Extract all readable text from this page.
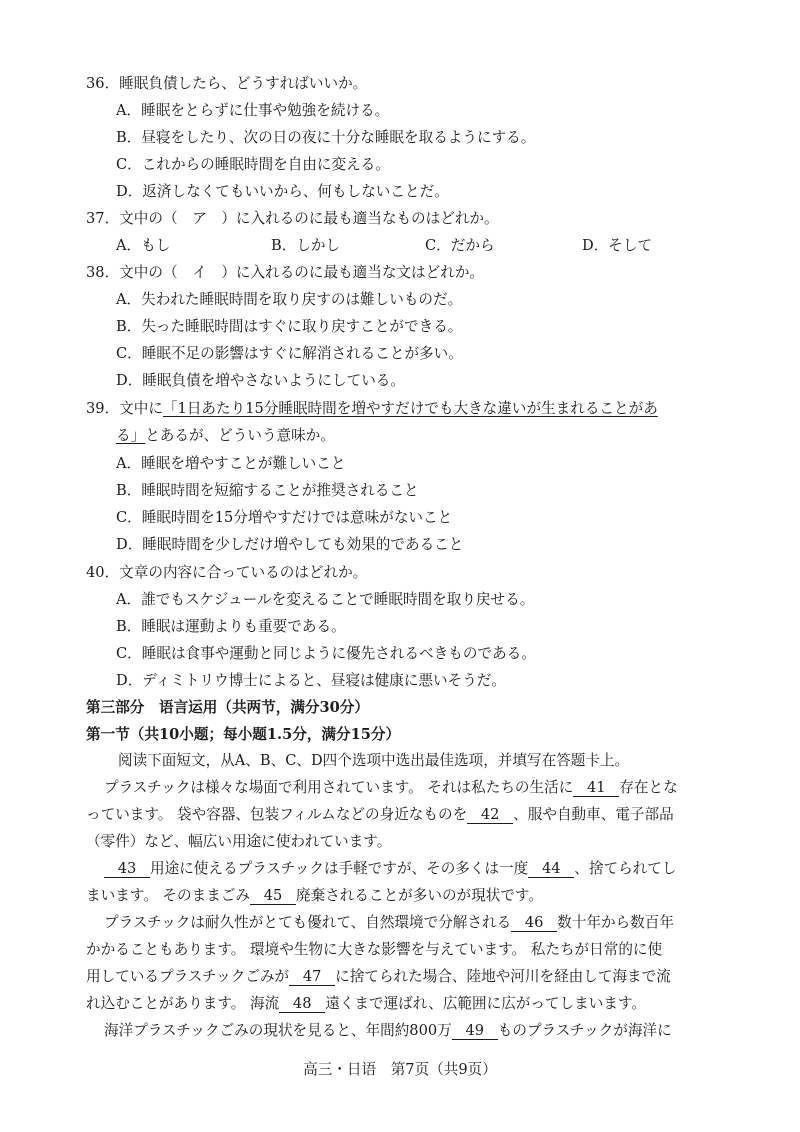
36．睡眠負債したら、どうすればいいか。
A．睡眠をとらずに仕事や勉強を続ける。
B．昼寝をしたり、次の日の夜に十分な睡眠を取るようにする。
C．これからの睡眠時間を自由に変える。
D．返済しなくてもいいから、何もしないことだ。
37．文中の（　ア　）に入れるのに最も適当なものはどれか。
A．もし	B．しかし	C．だから	D．そして
38．文中の（　イ　）に入れるのに最も適当な文はどれか。
A．失われた睡眠時間を取り戻すのは難しいものだ。
B．失った睡眠時間はすぐに取り戻すことができる。
C．睡眠不足の影響はすぐに解消されることが多い。
D．睡眠負債を増やさないようにしている。
39．文中に「1日あたり15分睡眠時間を増やすだけでも大きな違いが生まれることがあ
る」とあるが、どういう意味か。
A．睡眠を増やすことが難しいこと
B．睡眠時間を短縮することが推奨されること
C．睡眠時間を15分増やすだけでは意味がないこと
D．睡眠時間を少しだけ増やしても効果的であること
40．文章の内容に合っているのはどれか。
A．誰でもスケジュールを変えることで睡眠時間を取り戻せる。
B．睡眠は運動よりも重要である。
C．睡眠は食事や運動と同じように優先されるべきものである。
D．ディミトリウ博士によると、昼寝は健康に悪いそうだ。
第三部分　语言运用（共两节，满分30分）
第一节（共10小题；每小题1.5分，满分15分）
阅读下面短文，从A、B、C、D四个选项中选出最佳选项，并填写在答题卡上。
プラスチックは様々な場面で利用されています。 それは私たちの生活に 41 存在とな
っています。 袋や容器、包装フィルムなどの身近なものを 42 、服や自動車、電子部品
（零件）など、幅広い用途に使われています。
43 用途に使えるプラスチックは手軽ですが、その多くは一度 44 、捨てられてし
まいます。 そのままごみ 45 廃棄されることが多いのが現状です。
プラスチックは耐久性がとても優れて、自然環境で分解される 46 数十年から数百年
かかることもあります。 環境や生物に大きな影響を与えています。 私たちが日常的に使
用しているプラスチックごみが 47 に捨てられた場合、陸地や河川を経由して海まで流
れ込むことがあります。 海流 48 遠くまで運ばれ、広範囲に広がってしまいます。
海洋プラスチックごみの現状を見ると、年間約800万 49 ものプラスチックが海洋に
高三・日语　第7页（共9页）
